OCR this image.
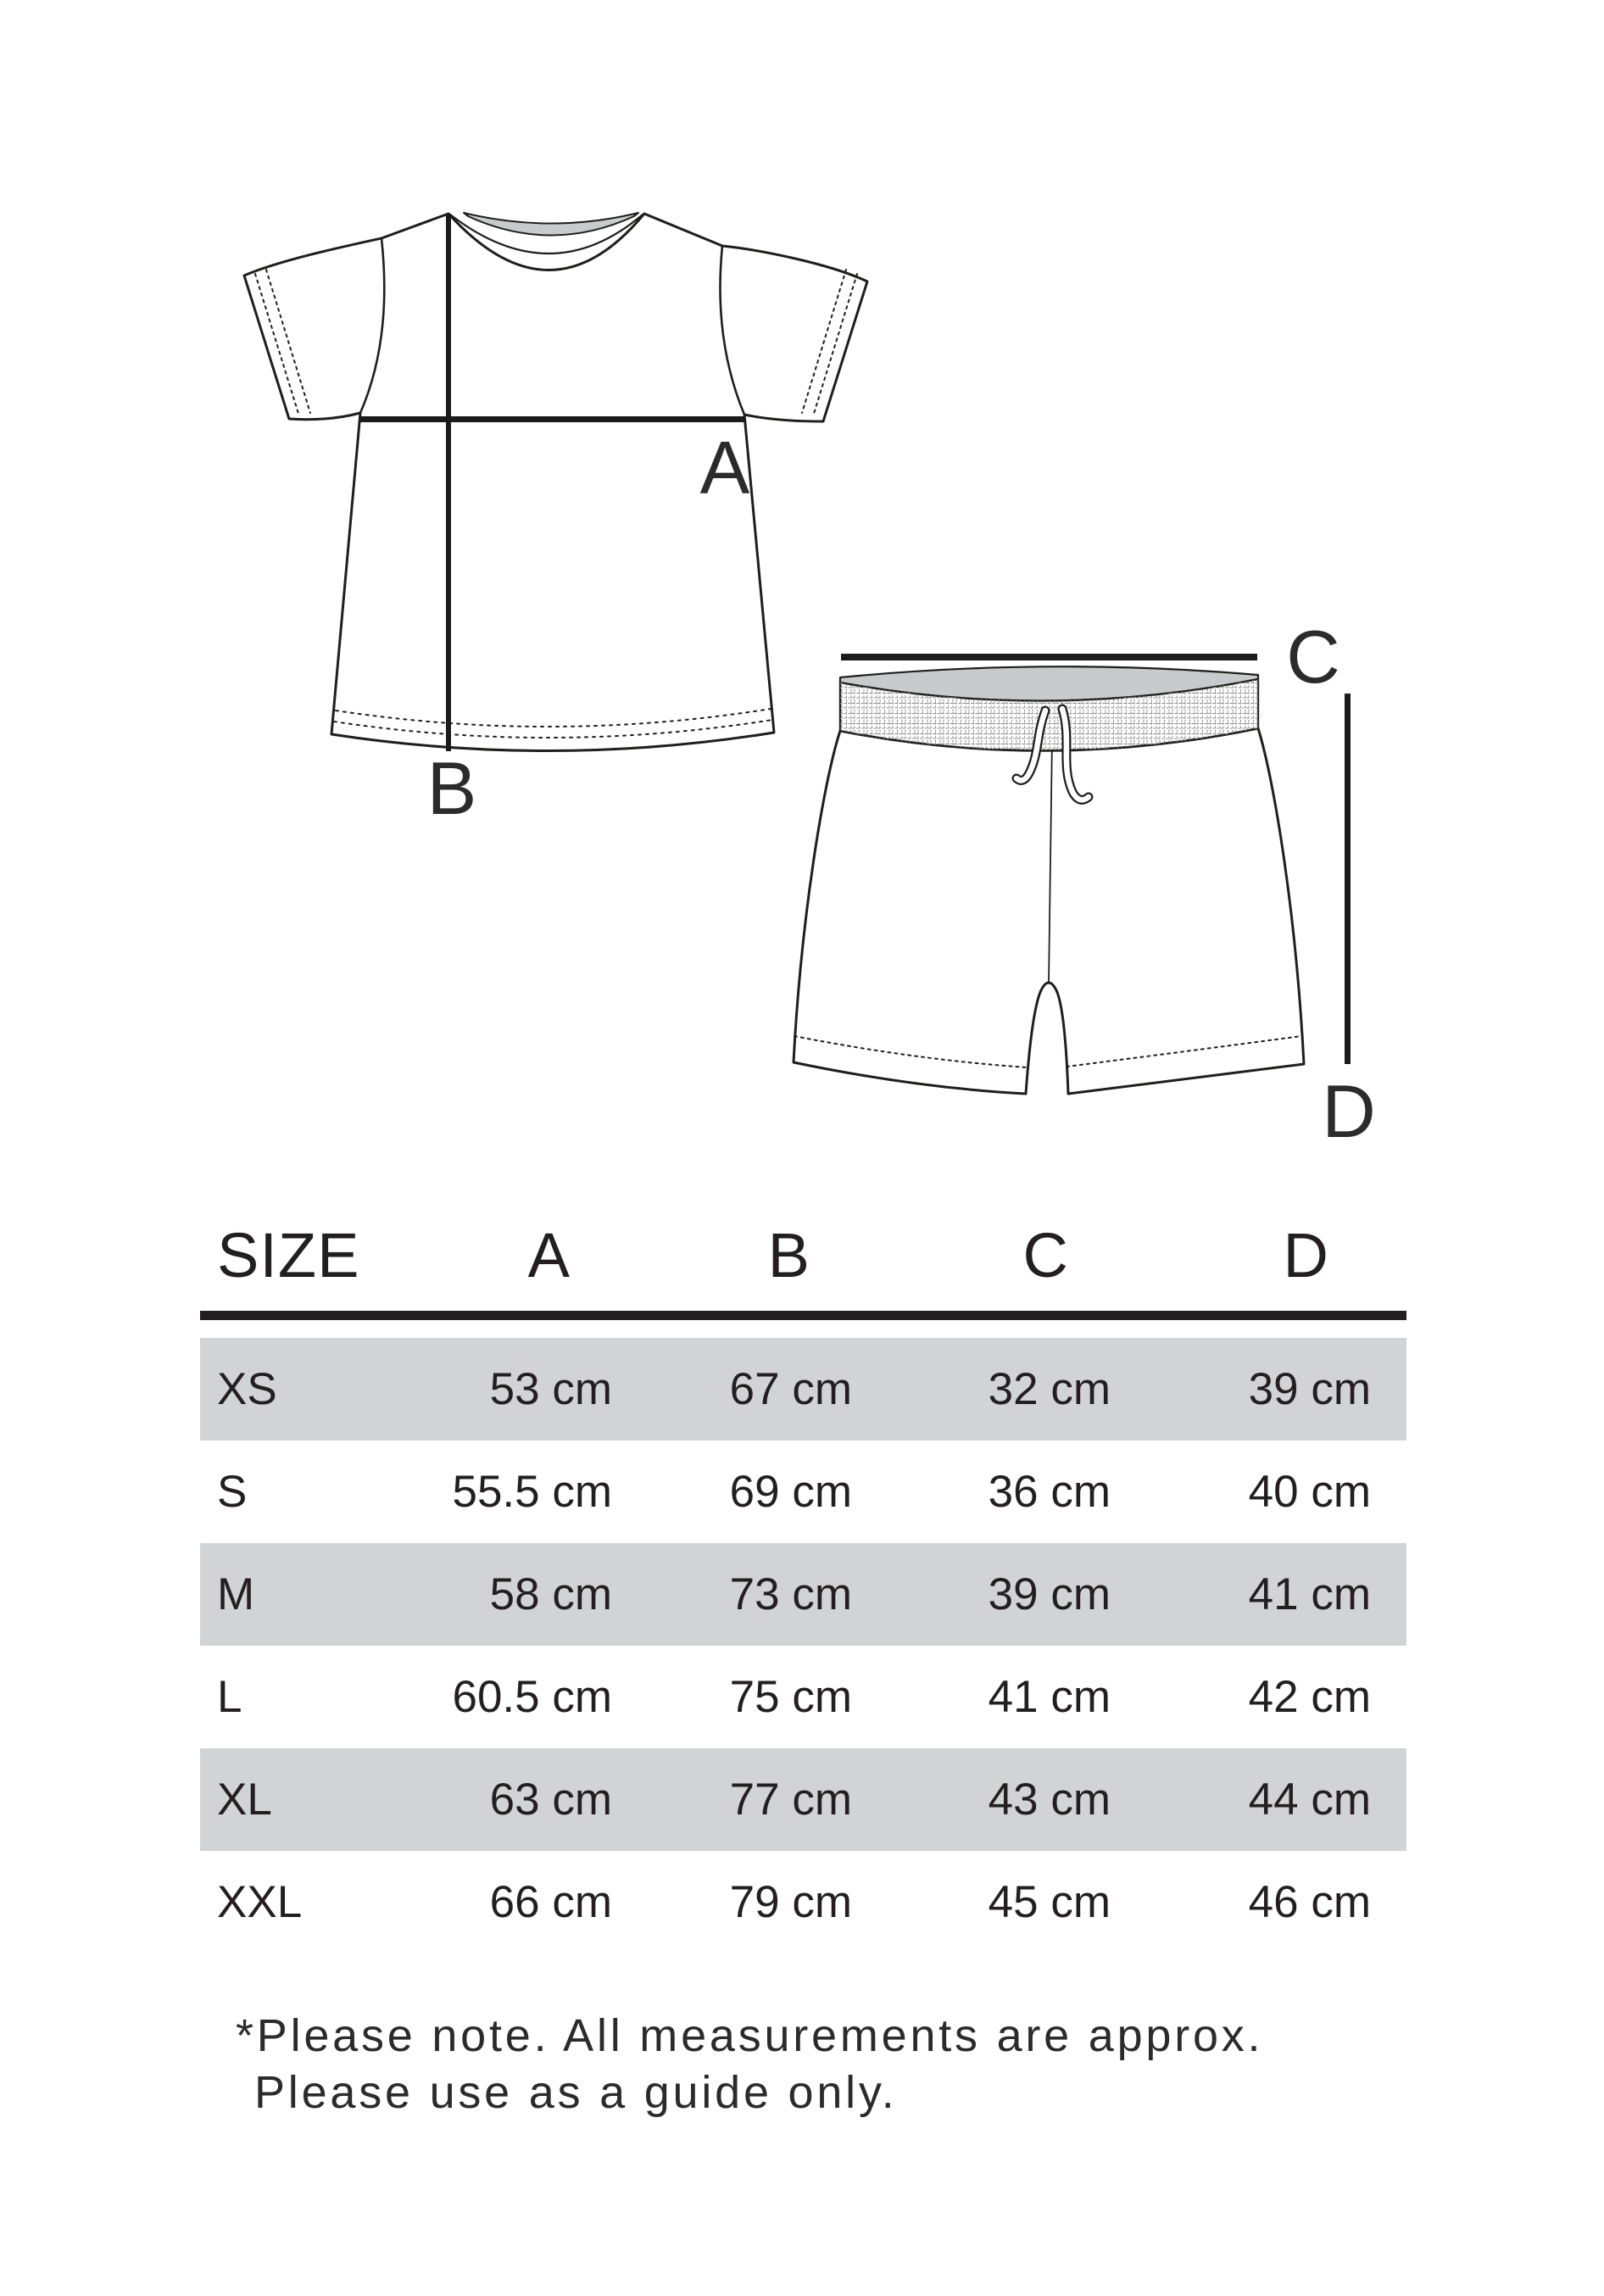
A
B
C
D
SIZE	A	B	C	D
XS	53 cm	67 cm	32 cm	39 cm
S	55.5 cm	69 cm	36 cm	40 cm
M	58 cm	73 cm	39 cm	41 cm
L	60.5 cm	75 cm	41 cm	42 cm
XL	63 cm	77 cm	43 cm	44 cm
XXL	66 cm	79 cm	45 cm	46 cm
*Please note. All measurements are approx.
Please use as a guide only.
